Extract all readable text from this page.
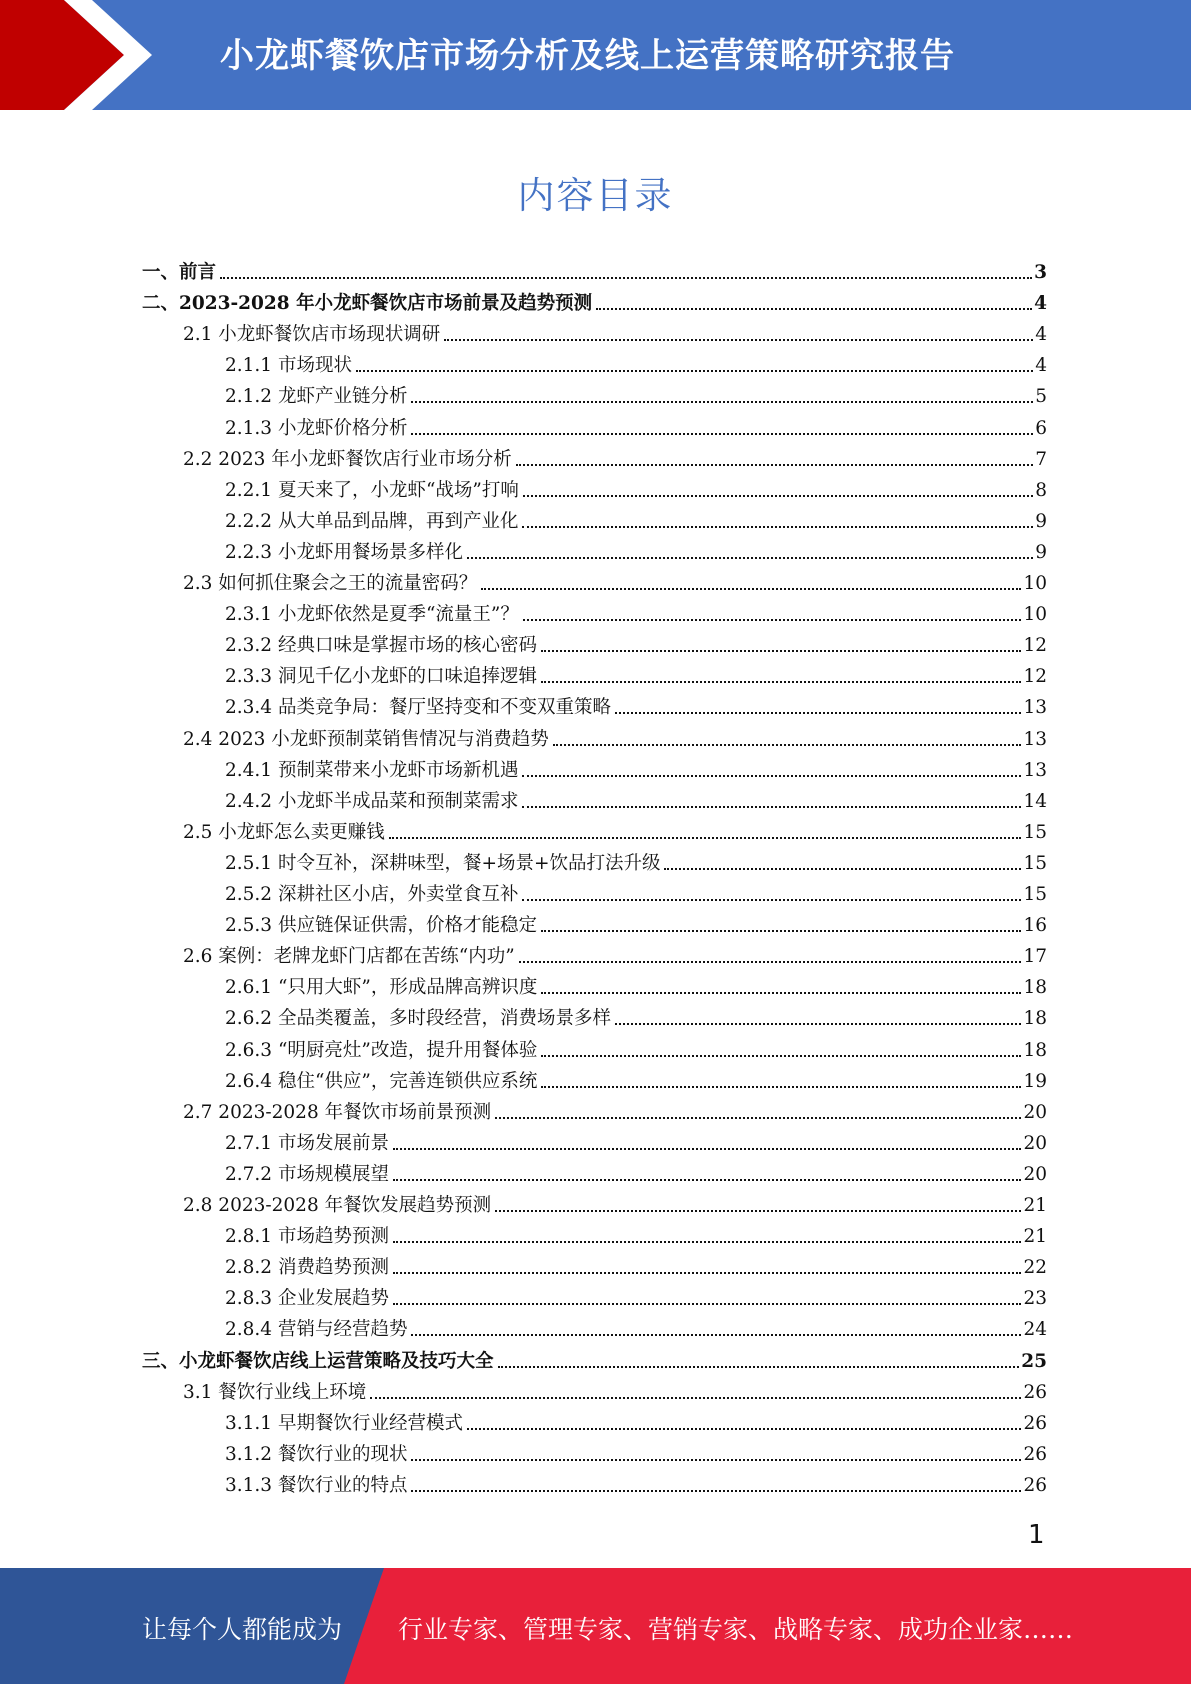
小龙虾餐饮店市场分析及线上运营策略研究报告
内容目录
一、前言	3
二、2023-2028 年小龙虾餐饮店市场前景及趋势预测	4
2.1 小龙虾餐饮店市场现状调研	4
2.1.1 市场现状	4
2.1.2 龙虾产业链分析	5
2.1.3 小龙虾价格分析	6
2.2 2023 年小龙虾餐饮店行业市场分析	7
2.2.1 夏天来了，小龙虾“战场”打响	8
2.2.2 从大单品到品牌，再到产业化	9
2.2.3 小龙虾用餐场景多样化	9
2.3 如何抓住聚会之王的流量密码？	10
2.3.1 小龙虾依然是夏季“流量王”？	10
2.3.2 经典口味是掌握市场的核心密码	12
2.3.3 洞见千亿小龙虾的口味追捧逻辑	12
2.3.4 品类竞争局：餐厅坚持变和不变双重策略	13
2.4 2023 小龙虾预制菜销售情况与消费趋势	13
2.4.1 预制菜带来小龙虾市场新机遇	13
2.4.2 小龙虾半成品菜和预制菜需求	14
2.5 小龙虾怎么卖更赚钱	15
2.5.1 时令互补，深耕味型，餐+场景+饮品打法升级	15
2.5.2 深耕社区小店，外卖堂食互补	15
2.5.3 供应链保证供需，价格才能稳定	16
2.6 案例：老牌龙虾门店都在苦练“内功”	17
2.6.1 “只用大虾”，形成品牌高辨识度	18
2.6.2 全品类覆盖，多时段经营，消费场景多样	18
2.6.3 “明厨亮灶”改造，提升用餐体验	18
2.6.4 稳住“供应”，完善连锁供应系统	19
2.7 2023-2028 年餐饮市场前景预测	20
2.7.1 市场发展前景	20
2.7.2 市场规模展望	20
2.8 2023-2028 年餐饮发展趋势预测	21
2.8.1 市场趋势预测	21
2.8.2 消费趋势预测	22
2.8.3 企业发展趋势	23
2.8.4 营销与经营趋势	24
三、小龙虾餐饮店线上运营策略及技巧大全	25
3.1 餐饮行业线上环境	26
3.1.1 早期餐饮行业经营模式	26
3.1.2 餐饮行业的现状	26
3.1.3 餐饮行业的特点	26
1
让每个人都能成为 行业专家、管理专家、营销专家、战略专家、成功企业家……
